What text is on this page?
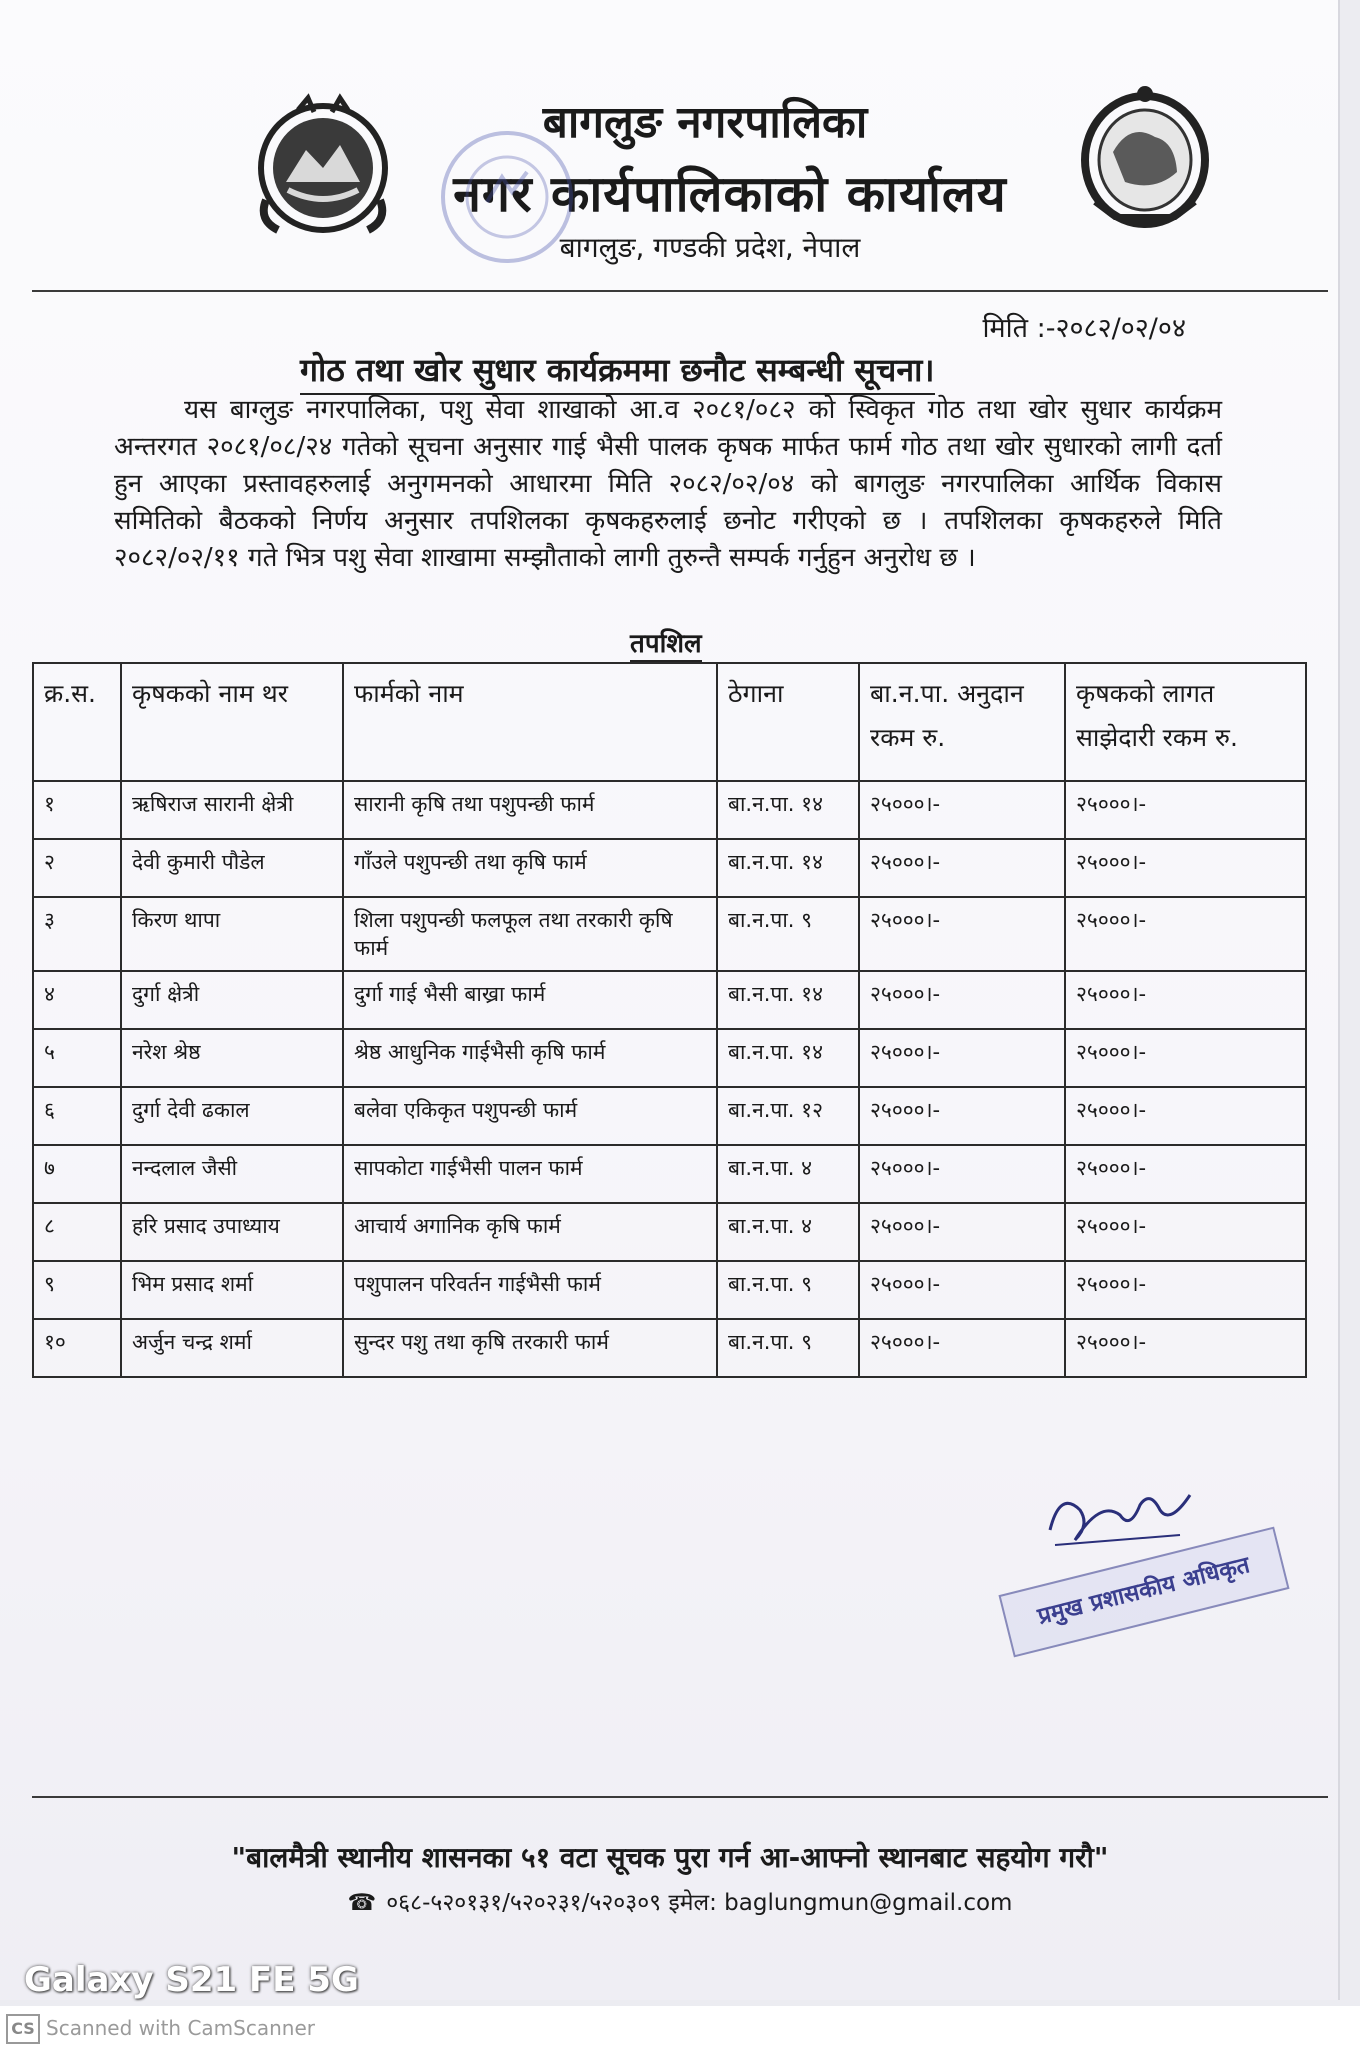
बागलुङ नगरपालिका
नगर कार्यपालिकाको कार्यालय
बागलुङ, गण्डकी प्रदेश, नेपाल
मिति :-२०८२/०२/०४
गोठ तथा खोर सुधार कार्यक्रममा छनौट सम्बन्धी सूचना।
यस बाग्लुङ नगरपालिका, पशु सेवा शाखाको आ.व २०८१/०८२ को स्विकृत गोठ तथा खोर सुधार कार्यक्रम अन्तरगत २०८१/०८/२४ गतेको सूचना अनुसार गाई भैसी पालक कृषक मार्फत फार्म गोठ तथा खोर सुधारको लागी दर्ता हुन आएका प्रस्तावहरुलाई अनुगमनको आधारमा मिति २०८२/०२/०४ को बागलुङ नगरपालिका आर्थिक विकास समितिको बैठकको निर्णय अनुसार तपशिलका कृषकहरुलाई छनोट गरीएको छ । तपशिलका कृषकहरुले मिति २०८२/०२/११ गते भित्र पशु सेवा शाखामा सम्झौताको लागी तुरुन्तै सम्पर्क गर्नुहुन अनुरोध छ ।
तपशिल
क्र.स.	कृषकको नाम थर	फार्मको नाम	ठेगाना	बा.न.पा. अनुदान रकम रु.	कृषकको लागत साझेदारी रकम रु.
१	ऋषिराज सारानी क्षेत्री	सारानी कृषि तथा पशुपन्छी फार्म	बा.न.पा. १४	२५०००।-	२५०००।-
२	देवी कुमारी पौडेल	गाँउले पशुपन्छी तथा कृषि फार्म	बा.न.पा. १४	२५०००।-	२५०००।-
३	किरण थापा	शिला पशुपन्छी फलफूल तथा तरकारी कृषि फार्म	बा.न.पा. ९	२५०००।-	२५०००।-
४	दुर्गा क्षेत्री	दुर्गा गाई भैसी बाख्रा फार्म	बा.न.पा. १४	२५०००।-	२५०००।-
५	नरेश श्रेष्ठ	श्रेष्ठ आधुनिक गाईभैसी कृषि फार्म	बा.न.पा. १४	२५०००।-	२५०००।-
६	दुर्गा देवी ढकाल	बलेवा एकिकृत पशुपन्छी फार्म	बा.न.पा. १२	२५०००।-	२५०००।-
७	नन्दलाल जैसी	सापकोटा गाईभैसी पालन फार्म	बा.न.पा. ४	२५०००।-	२५०००।-
८	हरि प्रसाद उपाध्याय	आचार्य अगानिक कृषि फार्म	बा.न.पा. ४	२५०००।-	२५०००।-
९	भिम प्रसाद शर्मा	पशुपालन परिवर्तन गाईभैसी फार्म	बा.न.पा. ९	२५०००।-	२५०००।-
१०	अर्जुन चन्द्र शर्मा	सुन्दर पशु तथा कृषि तरकारी फार्म	बा.न.पा. ९	२५०००।-	२५०००।-
प्रमुख प्रशासकीय अधिकृत
"बालमैत्री स्थानीय शासनका ५१ वटा सूचक पुरा गर्न आ-आफ्नो स्थानबाट सहयोग गरौ"
☎ ०६८-५२०१३१/५२०२३१/५२०३०९ इमेल: baglungmun@gmail.com
Galaxy S21 FE 5G
CS Scanned with CamScanner
